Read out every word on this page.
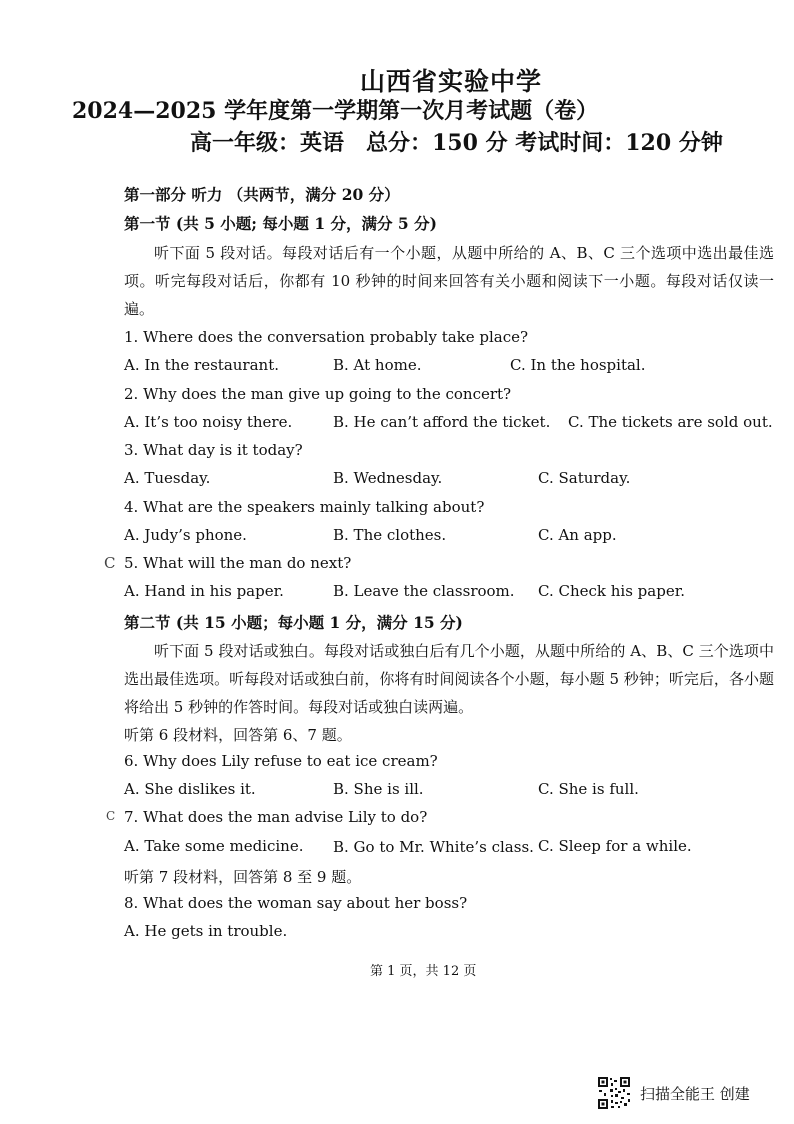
山西省实验中学
2024—2025 学年度第一学期第一次月考试题（卷）
高一年级：英语　总分：150 分 考试时间：120 分钟
第一部分 听力 （共两节，满分 20 分）
第一节 (共 5 小题; 每小题 1 分，满分 5 分)
听下面 5 段对话。每段对话后有一个小题，从题中所给的 A、B、C 三个选项中选出最佳选项。听完每段对话后，你都有 10 秒钟的时间来回答有关小题和阅读下一小题。每段对话仅读一遍。
1. Where does the conversation probably take place?
A. In the restaurant.	B. At home.	C. In the hospital.
2. Why does the man give up going to the concert?
A. It’s too noisy there.	B. He can’t afford the ticket. C. The tickets are sold out.
3. What day is it today?
A. Tuesday.	B. Wednesday.	C. Saturday.
4. What are the speakers mainly talking about?
A. Judy’s phone.	B. The clothes.	C. An app.
C 5. What will the man do next?
A. Hand in his paper.	B. Leave the classroom. C. Check his paper.
第二节 (共 15 小题；每小题 1 分，满分 15 分)
听下面 5 段对话或独白。每段对话或独白后有几个小题，从题中所给的 A、B、C 三个选项中选出最佳选项。听每段对话或独白前，你将有时间阅读各个小题，每小题 5 秒钟；听完后，各小题将给出 5 秒钟的作答时间。每段对话或独白读两遍。
听第 6 段材料，回答第 6、7 题。
6. Why does Lily refuse to eat ice cream?
A. She dislikes it.	B. She is ill.	C. She is full.
C 7. What does the man advise Lily to do?
A. Take some medicine. B. Go to Mr. White’s class. C. Sleep for a while.
听第 7 段材料，回答第 8 至 9 题。
8. What does the woman say about her boss?
A. He gets in trouble.
第 1 页，共 12 页
扫描全能王 创建
